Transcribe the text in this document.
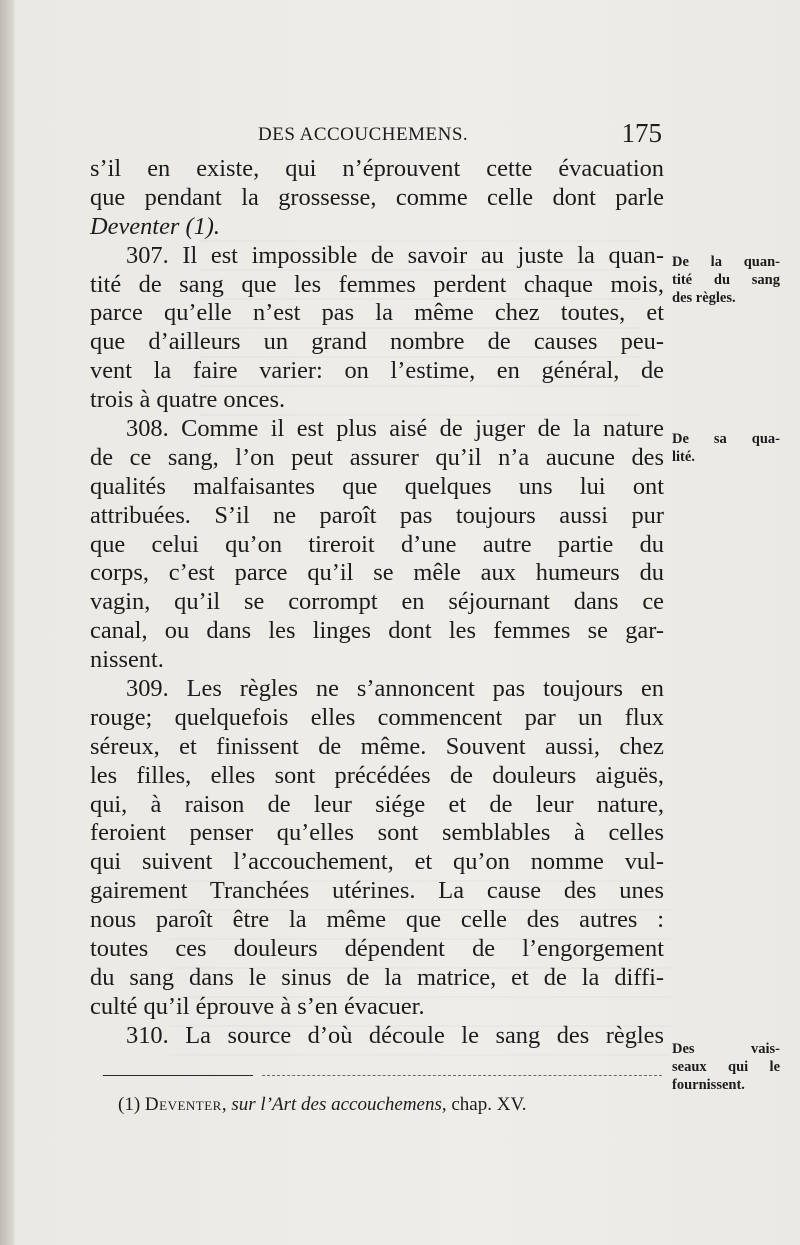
DES ACCOUCHEMENS.	175
s’il en existe, qui n’éprouvent cette évacuation
que pendant la grossesse, comme celle dont parle
Deventer (1).
307. Il est impossible de savoir au juste la quan-
tité de sang que les femmes perdent chaque mois,
parce qu’elle n’est pas la même chez toutes, et
que d’ailleurs un grand nombre de causes peu-
vent la faire varier: on l’estime, en général, de
trois à quatre onces.
308. Comme il est plus aisé de juger de la nature
de ce sang, l’on peut assurer qu’il n’a aucune des
qualités malfaisantes que quelques uns lui ont
attribuées. S’il ne paroît pas toujours aussi pur
que celui qu’on tireroit d’une autre partie du
corps, c’est parce qu’il se mêle aux humeurs du
vagin, qu’il se corrompt en séjournant dans ce
canal, ou dans les linges dont les femmes se gar-
nissent.
309. Les règles ne s’annoncent pas toujours en
rouge; quelquefois elles commencent par un flux
séreux, et finissent de même. Souvent aussi, chez
les filles, elles sont précédées de douleurs aiguës,
qui, à raison de leur siége et de leur nature,
feroient penser qu’elles sont semblables à celles
qui suivent l’accouchement, et qu’on nomme vul-
gairement Tranchées utérines. La cause des unes
nous paroît être la même que celle des autres :
toutes ces douleurs dépendent de l’engorgement
du sang dans le sinus de la matrice, et de la diffi-
culté qu’il éprouve à s’en évacuer.
310. La source d’où découle le sang des règles
De la quan-
tité du sang
des règles.
De sa qua-
lité.
Des vais-
seaux qui le
fournissent.
(1) Deventer, sur l’Art des accouchemens, chap. XV.
